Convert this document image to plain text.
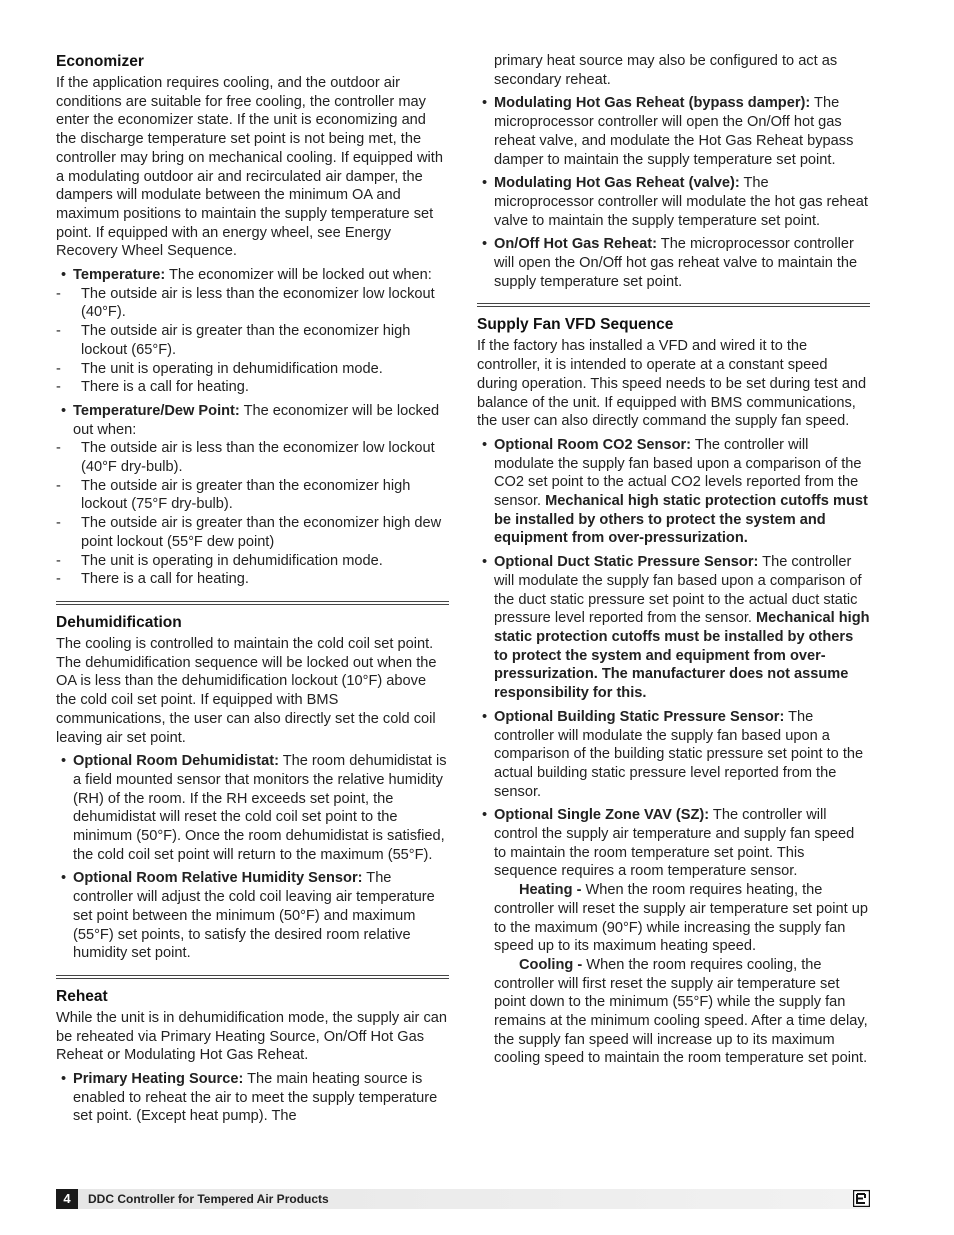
Economizer

If the application requires cooling, and the outdoor air conditions are suitable for free cooling, the controller may enter the economizer state. If the unit is economizing and the discharge temperature set point is not being met, the controller may bring on mechanical cooling. If equipped with a modulating outdoor air and recirculated air damper, the dampers will modulate between the minimum OA and maximum positions to maintain the supply temperature set point. If equipped with an energy wheel, see Energy Recovery Wheel Sequence.

• Temperature: The economizer will be locked out when:
- The outside air is less than the economizer low lockout (40°F).
- The outside air is greater than the economizer high lockout (65°F).
- The unit is operating in dehumidification mode.
- There is a call for heating.
• Temperature/Dew Point: The economizer will be locked out when:
- The outside air is less than the economizer low lockout (40°F dry-bulb).
- The outside air is greater than the economizer high lockout (75°F dry-bulb).
- The outside air is greater than the economizer high dew point lockout (55°F dew point)
- The unit is operating in dehumidification mode.
- There is a call for heating.
Dehumidification

The cooling is controlled to maintain the cold coil set point. The dehumidification sequence will be locked out when the OA is less than the dehumidification lockout (10°F) above the cold coil set point. If equipped with BMS communications, the user can also directly set the cold coil leaving air set point.

• Optional Room Dehumidistat: The room dehumidistat is a field mounted sensor that monitors the relative humidity (RH) of the room. If the RH exceeds set point, the dehumidistat will reset the cold coil set point to the minimum (50°F). Once the room dehumidistat is satisfied, the cold coil set point will return to the maximum (55°F).
• Optional Room Relative Humidity Sensor: The controller will adjust the cold coil leaving air temperature set point between the minimum (50°F) and maximum (55°F) set points, to satisfy the desired room relative humidity set point.
Reheat

While the unit is in dehumidification mode, the supply air can be reheated via Primary Heating Source, On/Off Hot Gas Reheat or Modulating Hot Gas Reheat.

• Primary Heating Source: The main heating source is enabled to reheat the air to meet the supply temperature set point. (Except heat pump). The

primary heat source may also be configured to act as secondary reheat.

• Modulating Hot Gas Reheat (bypass damper): The microprocessor controller will open the On/Off hot gas reheat valve, and modulate the Hot Gas Reheat bypass damper to maintain the supply temperature set point.
• Modulating Hot Gas Reheat (valve): The microprocessor controller will modulate the hot gas reheat valve to maintain the supply temperature set point.
• On/Off Hot Gas Reheat: The microprocessor controller will open the On/Off hot gas reheat valve to maintain the supply temperature set point.
Supply Fan VFD Sequence

If the factory has installed a VFD and wired it to the controller, it is intended to operate at a constant speed during operation. This speed needs to be set during test and balance of the unit. If equipped with BMS communications, the user can also directly command the supply fan speed.

• Optional Room CO2 Sensor: The controller will modulate the supply fan based upon a comparison of the CO2 set point to the actual CO2 levels reported from the sensor. Mechanical high static protection cutoffs must be installed by others to protect the system and equipment from over-pressurization.
• Optional Duct Static Pressure Sensor: The controller will modulate the supply fan based upon a comparison of the duct static pressure set point to the actual duct static pressure level reported from the sensor. Mechanical high static protection cutoffs must be installed by others to protect the system and equipment from over-pressurization. The manufacturer does not assume responsibility for this.
• Optional Building Static Pressure Sensor: The controller will modulate the supply fan based upon a comparison of the building static pressure set point to the actual building static pressure level reported from the sensor.
• Optional Single Zone VAV (SZ): The controller will control the supply air temperature and supply fan speed to maintain the room temperature set point. This sequence requires a room temperature sensor.

Heating - When the room requires heating, the controller will reset the supply air temperature set point up to the maximum (90°F) while increasing the supply fan speed up to its maximum heating speed.

Cooling - When the room requires cooling, the controller will first reset the supply air temperature set point down to the minimum (55°F) while the supply fan remains at the minimum cooling speed. After a time delay, the supply fan speed will increase up to its maximum cooling speed to maintain the room temperature set point.

4	DDC Controller for Tempered Air Products
